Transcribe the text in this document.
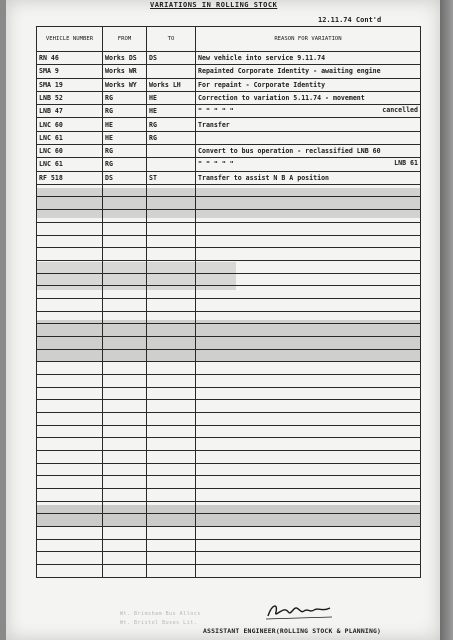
VARIATIONS IN ROLLING STOCK
12.11.74 Cont'd
VEHICLE NUMBER	FROM	TO	REASON FOR VARIATION
RN 46	Works DS	DS	New vehicle into service 9.11.74
SMA 9	Works WR		Repainted Corporate Identity - awaiting engine
SMA 19	Works WY	Works LH	For repaint - Corporate Identity
LNB 52	RG	HE	Correction to variation 5.11.74 - movement
LNB 47	RG	HE	" " " " " cancelled

LNC 60	HE	RG	Transfer
LNC 61	HE	RG	
LNC 60	RG		Convert to bus operation - reclassified LNB 60
LNC 61	RG		" " " " " LNB 61

RF 518	DS	ST	Transfer to assist N B A position

Wt. Brimsham Bus Allocs
Wt. Bristol Buses Lit.
ASSISTANT ENGINEER(ROLLING STOCK & PLANNING)
